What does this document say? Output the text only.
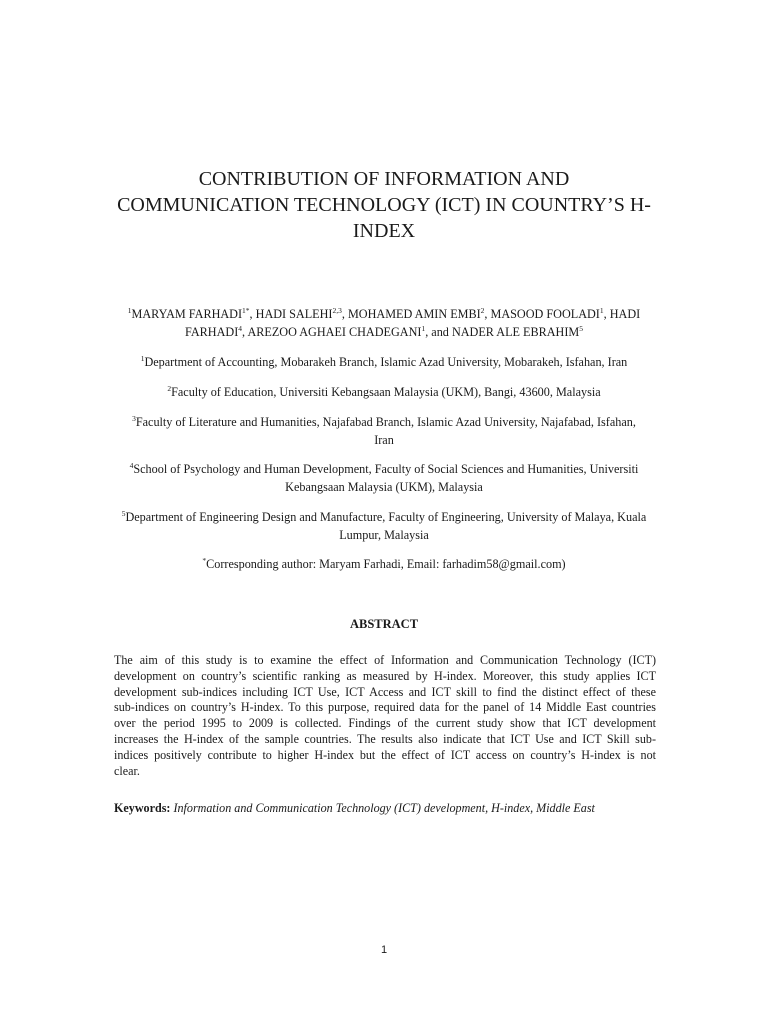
CONTRIBUTION OF INFORMATION AND
COMMUNICATION TECHNOLOGY (ICT) IN COUNTRY’S H-
INDEX
$^1$MARYAM $FARHADI^{1*}$, HADI SALEHI$^{2,3}$, MOHAMED AMIN EMBI$^2$, MASOOD FOOLADI$^1$, HADI
FARHADI$^4$, AREZOO AGHAEI CHADEGANI$^1$, and NADER ALE EBRAHIM$^5$
$^1$Department of Accounting, Mobarakeh Branch, Islamic Azad University, Mobarakeh, Isfahan, Iran
$^2$Faculty of Education, Universiti Kebangsaan Malaysia (UKM), Bangi, 43600, Malaysia
$^3$Faculty of Literature and Humanities, Najafabad Branch, Islamic Azad University, Najafabad, Isfahan,
Iran
$^4$School of Psychology and Human Development, Faculty of Social Sciences and Humanities, Universiti
Kebangsaan Malaysia (UKM), Malaysia
$^5$Department of Engineering Design and Manufacture, Faculty of Engineering, University of Malaya, Kuala
Lumpur, Malaysia
*Corresponding author: Maryam Farhadi, Email: farhadim58@gmail.com)
ABSTRACT
The aim of this study is to examine the effect of Information and Communication Technology (ICT)
development on country’s scientific ranking as measured by H-index. Moreover, this study applies ICT
development sub-indices including ICT Use, ICT Access and ICT skill to find the distinct effect of these
sub-indices on country’s H-index. To this purpose, required data for the panel of 14 Middle East countries
over the period 1995 to 2009 is collected. Findings of the current study show that ICT development
increases the H-index of the sample countries. The results also indicate that ICT Use and ICT Skill sub-
indices positively contribute to higher H-index but the effect of ICT access on country’s H-index is not
clear.
Keywords: Information and Communication Technology (ICT) development, H-index, Middle East
1
